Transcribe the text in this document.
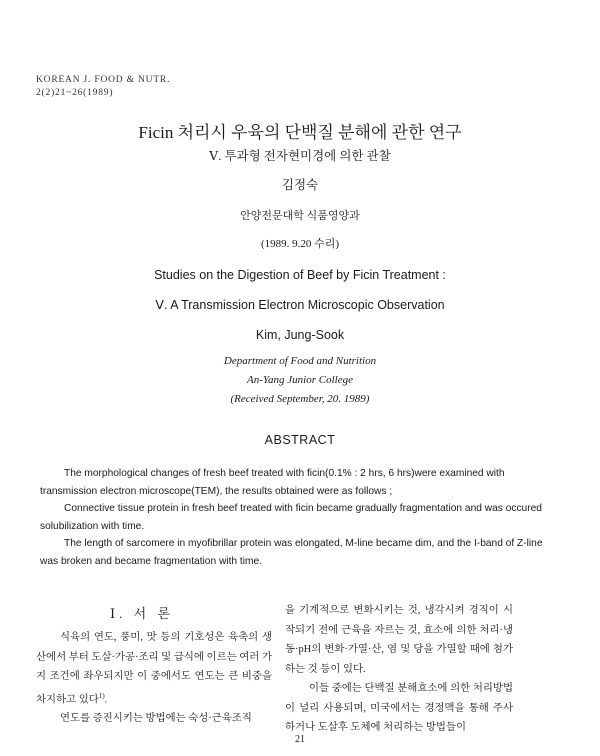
KOREAN J. FOOD & NUTR.
2(2)21~26(1989)
Ficin 처리시 우육의 단백질 분해에 관한 연구
Ⅴ. 투과형 전자현미경에 의한 관찰
김정숙
안양전문대학 식품영양과
(1989. 9.20 수리)
Studies on the Digestion of Beef by Ficin Treatment :
Ⅴ. A Transmission Electron Microscopic Observation
Kim, Jung-Sook
Department of Food and Nutrition
An-Yang Junior College
(Received September, 20. 1989)
ABSTRACT

The morphological changes of fresh beef treated with ficin(0.1% : 2 hrs, 6 hrs)were examined with transmission electron microscope(TEM), the results obtained were as follows ;

Connective tissue protein in fresh beef treated with ficin became gradually fragmentation and was occured solubilization with time.

The length of sarcomere in myofibrillar protein was elongated, M-line became dim, and the I-band of Z-line was broken and became fragmentation with time.

Ⅰ. 서 론

식육의 연도, 풍미, 맛 등의 기호성은 육축의 생산에서 부터 도살·가공·조리 및 급식에 이르는 여러 가지 조건에 좌우되지만 이 중에서도 연도는 큰 비중을 차지하고 있다$^{1)}$.

연도를 증진시키는 방법에는 숙성·근육조직

을 기계적으로 변화시키는 것, 냉각시켜 경직이 시작되기 전에 근육을 자르는 것, 효소에 의한 처리·냉동·pH의 변화·가열·산, 염 및 당을 가열할 때에 첨가하는 것 등이 있다.

이들 중에는 단백질 분해효소에 의한 처리방법이 널리 사용되며, 미국에서는 경정맥을 통해 주사하거나 도살후 도체에 처리하는 방법들이

21
